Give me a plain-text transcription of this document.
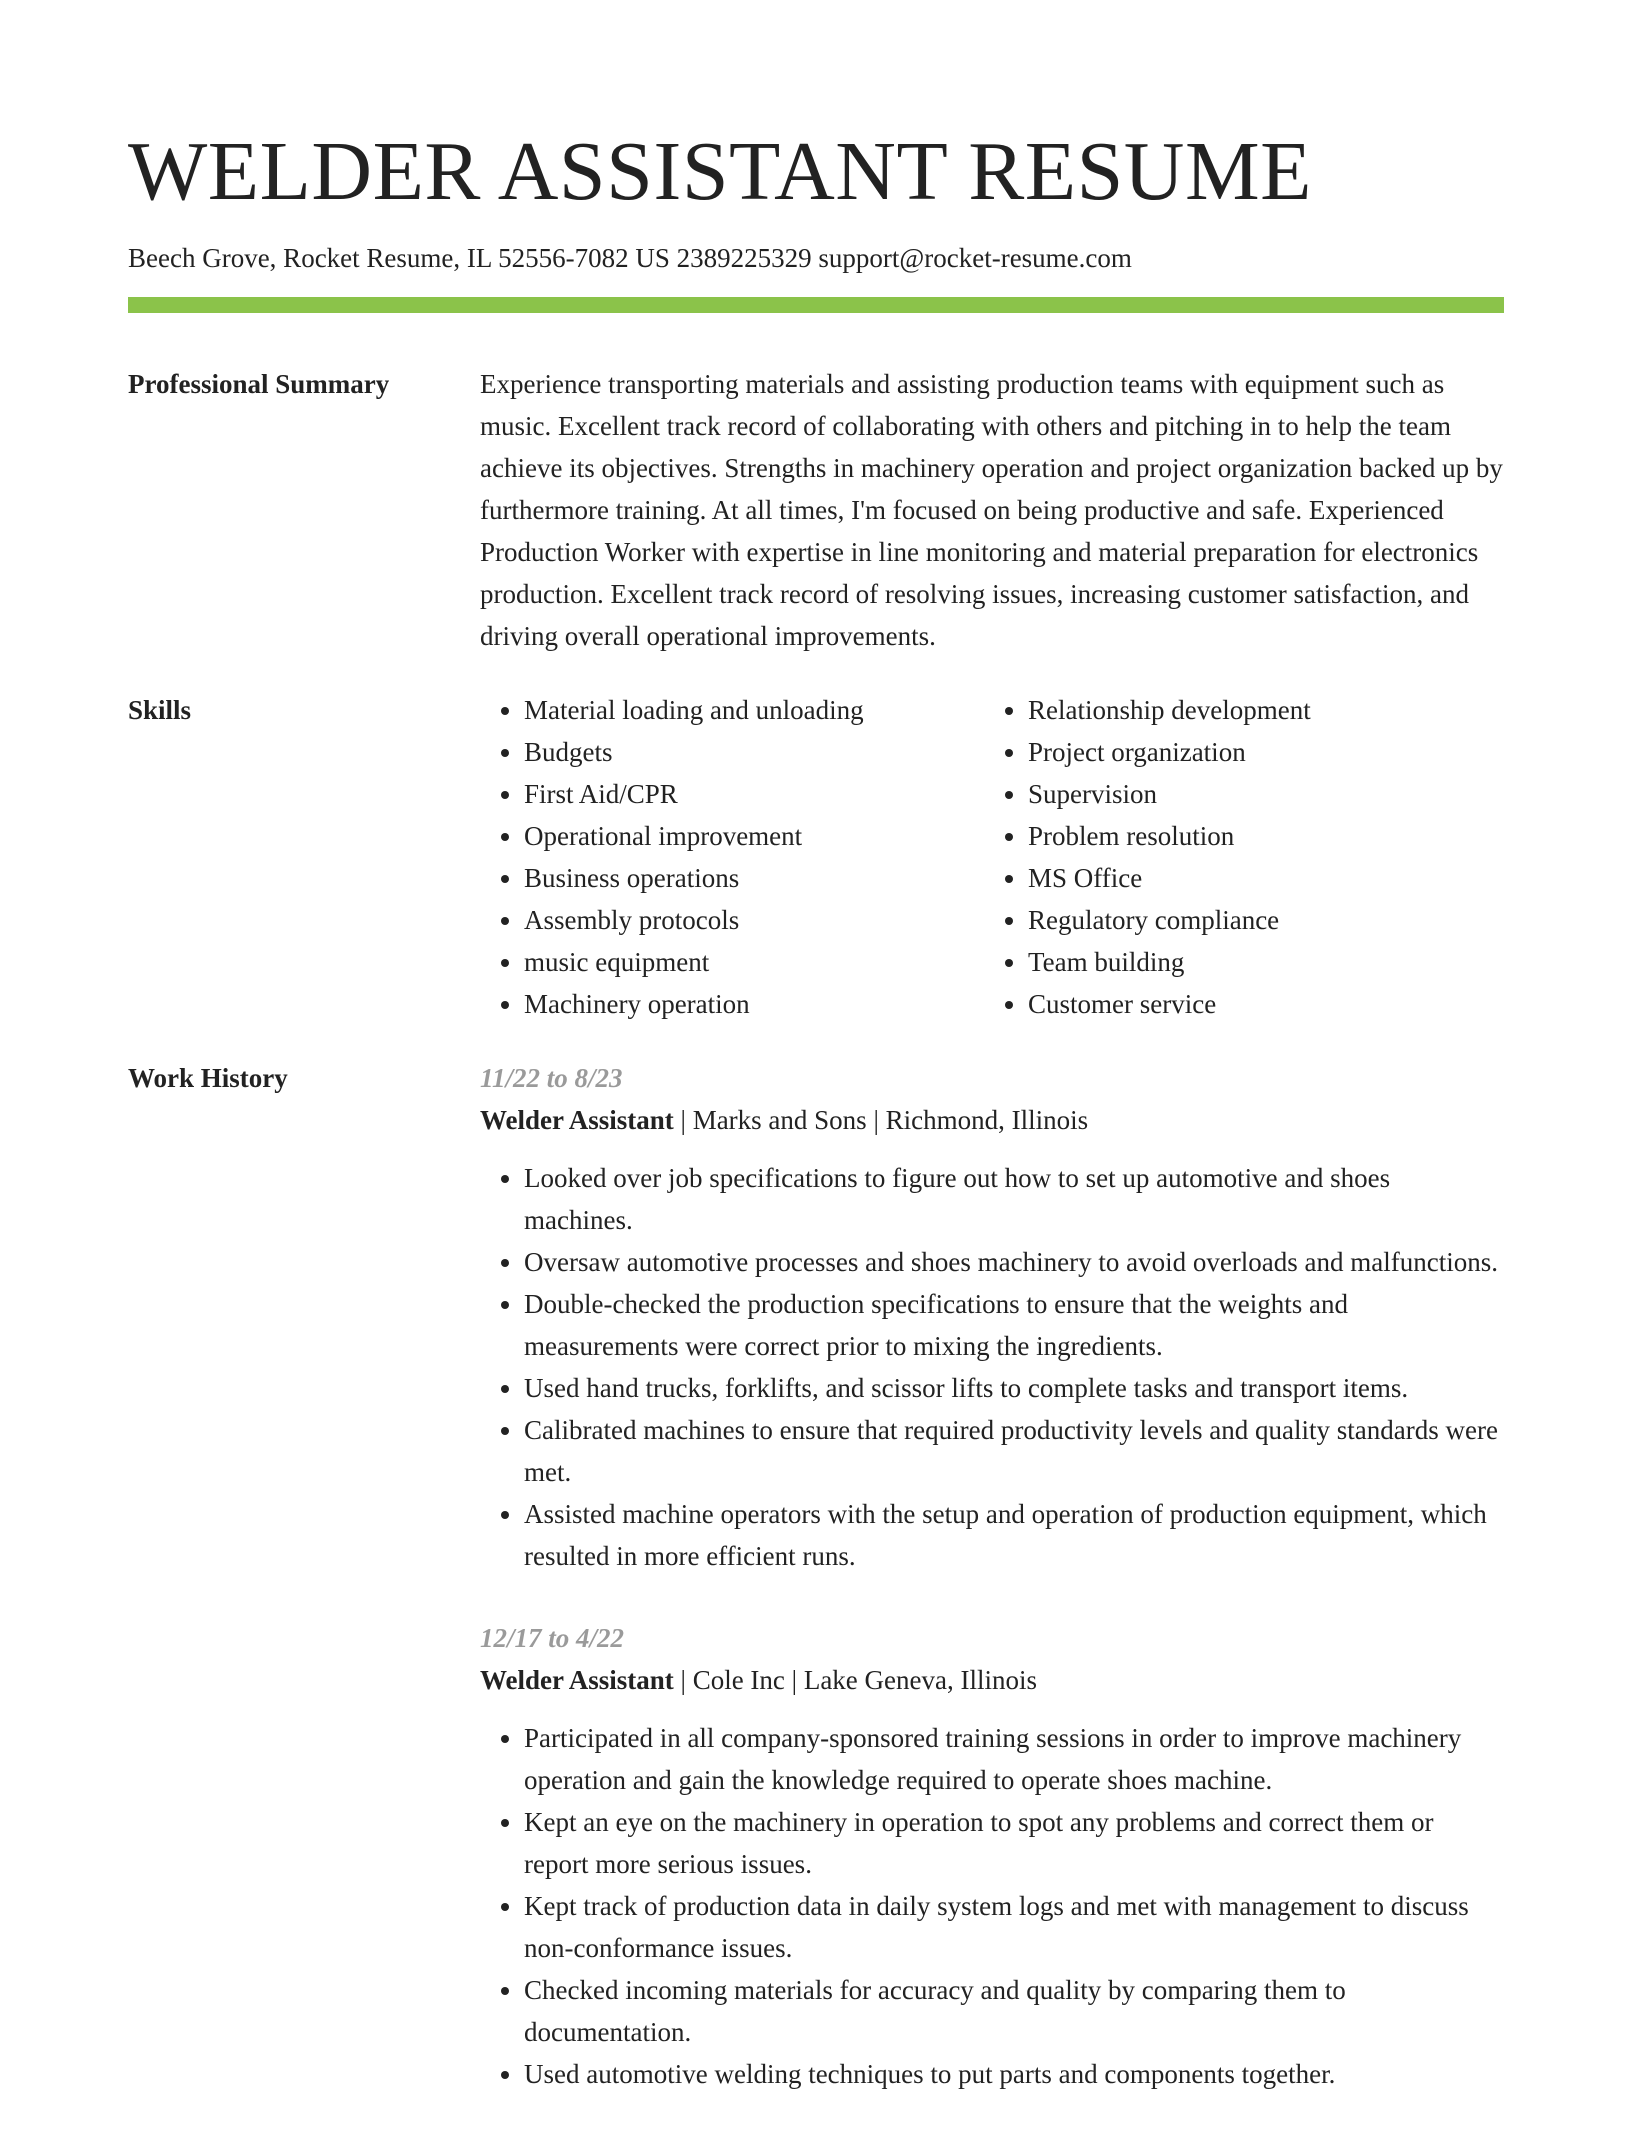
WELDER ASSISTANT RESUME
Beech Grove, Rocket Resume, IL 52556-7082 US 2389225329 support@rocket-resume.com
Professional Summary	Experience transporting materials and assisting production teams with equipment such as music. Excellent track record of collaborating with others and pitching in to help the team achieve its objectives. Strengths in machinery operation and project organization backed up by furthermore training. At all times, I'm focused on being productive and safe. Experienced Production Worker with expertise in line monitoring and material preparation for electronics production. Excellent track record of resolving issues, increasing customer satisfaction, and driving overall operational improvements.

Skills
•	Material loading and unloading
• Budgets
• First Aid/CPR
• Operational improvement
• Business operations
• Assembly protocols
• music equipment
• Machinery operation
• Relationship development
• Project organization
• Supervision
• Problem resolution
• MS Office
• Regulatory compliance
• Team building
• Customer service
Work History	11/22 to 8/23
Welder Assistant | Marks and Sons | Richmond, Illinois
• Looked over job specifications to figure out how to set up automotive and shoes machines.
• Oversaw automotive processes and shoes machinery to avoid overloads and malfunctions.
• Double-checked the production specifications to ensure that the weights and measurements were correct prior to mixing the ingredients.
• Used hand trucks, forklifts, and scissor lifts to complete tasks and transport items.
• Calibrated machines to ensure that required productivity levels and quality standards were met.
• Assisted machine operators with the setup and operation of production equipment, which resulted in more efficient runs.
12/17 to 4/22
Welder Assistant | Cole Inc | Lake Geneva, Illinois
• Participated in all company-sponsored training sessions in order to improve machinery operation and gain the knowledge required to operate shoes machine.
• Kept an eye on the machinery in operation to spot any problems and correct them or report more serious issues.
• Kept track of production data in daily system logs and met with management to discuss non-conformance issues.
• Checked incoming materials for accuracy and quality by comparing them to documentation.
• Used automotive welding techniques to put parts and components together.
